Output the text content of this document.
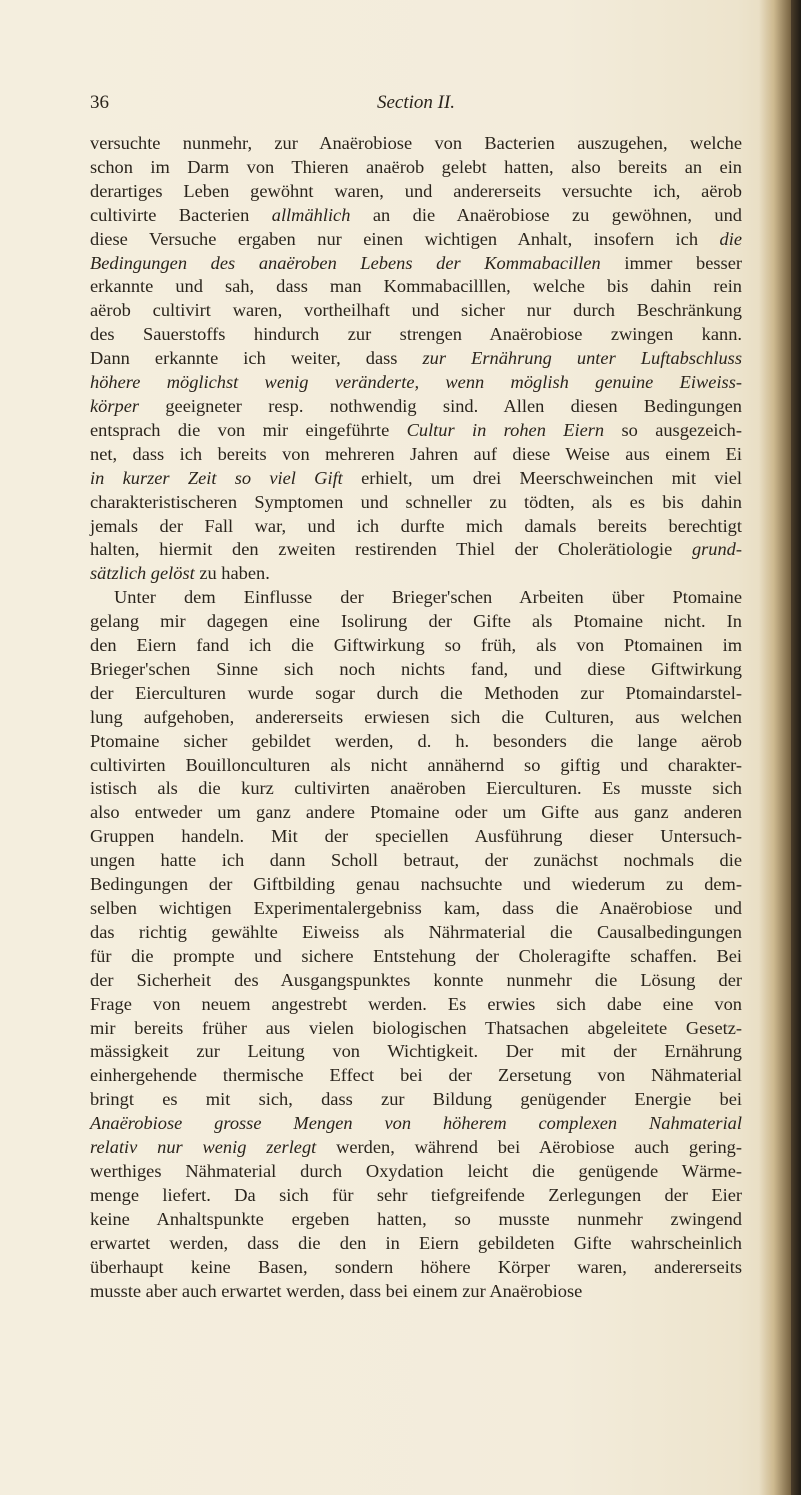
36	Section II.
versuchte nunmehr, zur Anaërobiose von Bacterien auszugehen, welche
schon im Darm von Thieren anaërob gelebt hatten, also bereits an ein
derartiges Leben gewöhnt waren, und andererseits versuchte ich, aërob
cultivirte Bacterien allmählich an die Anaërobiose zu gewöhnen, und
diese Versuche ergaben nur einen wichtigen Anhalt, insofern ich die
Bedingungen des anaëroben Lebens der Kommabacillen immer besser
erkannte und sah, dass man Kommabacilllen, welche bis dahin rein
aërob cultivirt waren, vortheilhaft und sicher nur durch Beschränkung
des Sauerstoffs hindurch zur strengen Anaërobiose zwingen kann.
Dann erkannte ich weiter, dass zur Ernährung unter Luftabschluss
höhere möglichst wenig veränderte, wenn möglish genuine Eiweiss-
körper geeigneter resp. nothwendig sind. Allen diesen Bedingungen
entsprach die von mir eingeführte Cultur in rohen Eiern so ausgezeich-
net, dass ich bereits von mehreren Jahren auf diese Weise aus einem Ei
in kurzer Zeit so viel Gift erhielt, um drei Meerschweinchen mit viel
charakteristischeren Symptomen und schneller zu tödten, als es bis dahin
jemals der Fall war, und ich durfte mich damals bereits berechtigt
halten, hiermit den zweiten restirenden Thiel der Cholerätiologie grund-
sätzlich gelöst zu haben.
Unter dem Einflusse der Brieger'schen Arbeiten über Ptomaine
gelang mir dagegen eine Isolirung der Gifte als Ptomaine nicht. In
den Eiern fand ich die Giftwirkung so früh, als von Ptomainen im
Brieger'schen Sinne sich noch nichts fand, und diese Giftwirkung
der Eierculturen wurde sogar durch die Methoden zur Ptomaindarstel-
lung aufgehoben, andererseits erwiesen sich die Culturen, aus welchen
Ptomaine sicher gebildet werden, d. h. besonders die lange aërob
cultivirten Bouillonculturen als nicht annähernd so giftig und charakter-
istisch als die kurz cultivirten anaëroben Eierculturen. Es musste sich
also entweder um ganz andere Ptomaine oder um Gifte aus ganz anderen
Gruppen handeln. Mit der speciellen Ausführung dieser Untersuch-
ungen hatte ich dann Scholl betraut, der zunächst nochmals die
Bedingungen der Giftbilding genau nachsuchte und wiederum zu dem-
selben wichtigen Experimentalergebniss kam, dass die Anaërobiose und
das richtig gewählte Eiweiss als Nährmaterial die Causalbedingungen
für die prompte und sichere Entstehung der Choleragifte schaffen. Bei
der Sicherheit des Ausgangspunktes konnte nunmehr die Lösung der
Frage von neuem angestrebt werden. Es erwies sich dabe eine von
mir bereits früher aus vielen biologischen Thatsachen abgeleitete Gesetz-
mässigkeit zur Leitung von Wichtigkeit. Der mit der Ernährung
einhergehende thermische Effect bei der Zersetung von Nähmaterial
bringt es mit sich, dass zur Bildung genügender Energie bei
Anaërobiose grosse Mengen von höherem complexen Nahmaterial
relativ nur wenig zerlegt werden, während bei Aërobiose auch gering-
werthiges Nähmaterial durch Oxydation leicht die genügende Wärme-
menge liefert. Da sich für sehr tiefgreifende Zerlegungen der Eier
keine Anhaltspunkte ergeben hatten, so musste nunmehr zwingend
erwartet werden, dass die den in Eiern gebildeten Gifte wahrscheinlich
überhaupt keine Basen, sondern höhere Körper waren, andererseits
musste aber auch erwartet werden, dass bei einem zur Anaërobiose
